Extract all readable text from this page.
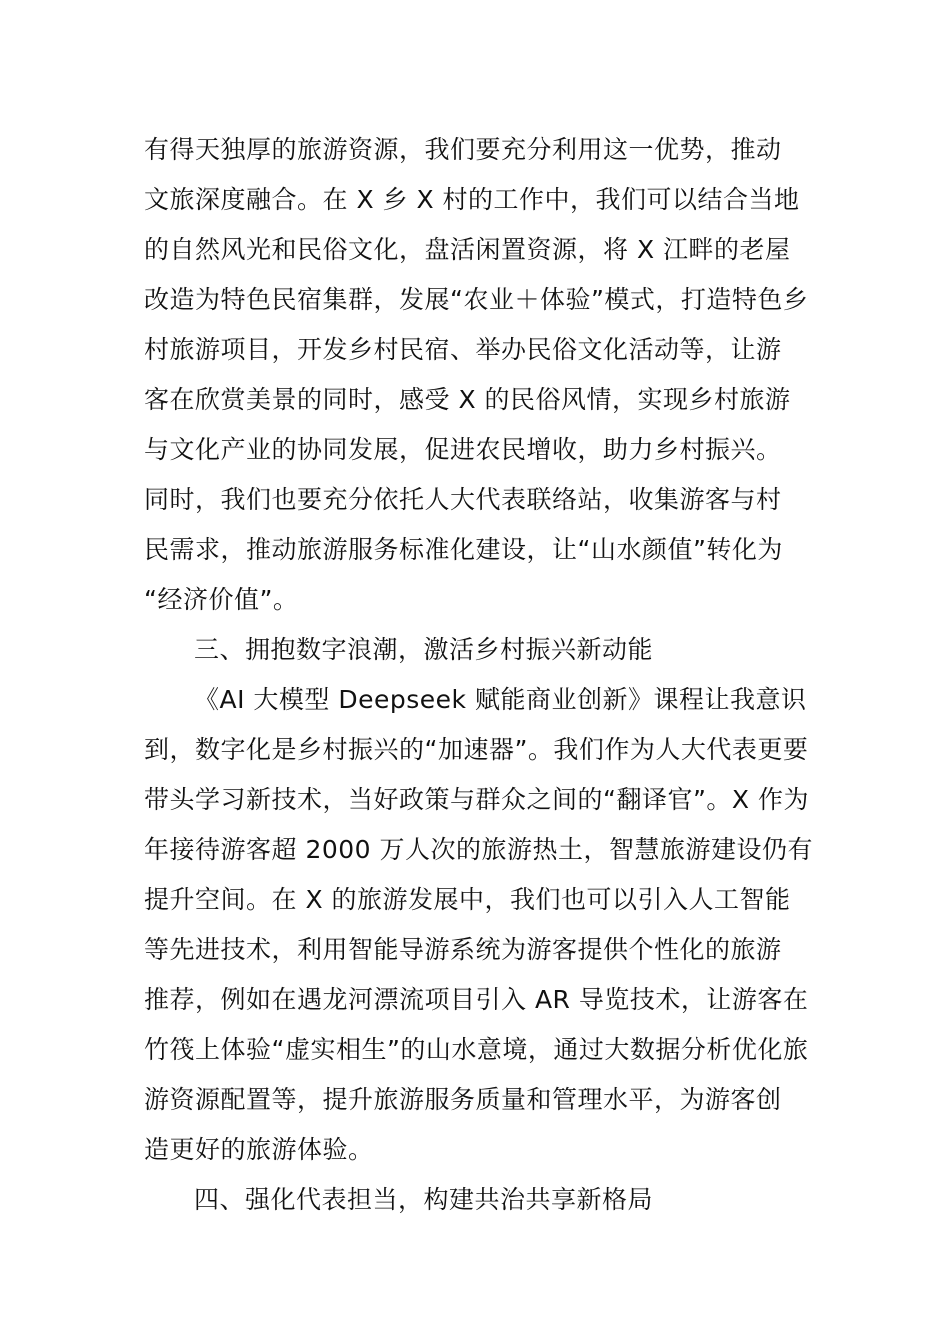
有得天独厚的旅游资源，我们要充分利用这一优势，推动
文旅深度融合。在 X 乡 X 村的工作中，我们可以结合当地
的自然风光和民俗文化，盘活闲置资源，将 X 江畔的老屋
改造为特色民宿集群，发展“农业＋体验”模式，打造特色乡
村旅游项目，开发乡村民宿、举办民俗文化活动等，让游
客在欣赏美景的同时，感受 X 的民俗风情，实现乡村旅游
与文化产业的协同发展，促进农民增收，助力乡村振兴。
同时，我们也要充分依托人大代表联络站，收集游客与村
民需求，推动旅游服务标准化建设，让“山水颜值”转化为
“经济价值”。
三、拥抱数字浪潮，激活乡村振兴新动能
《AI 大模型 Deepseek 赋能商业创新》课程让我意识
到，数字化是乡村振兴的“加速器”。我们作为人大代表更要
带头学习新技术，当好政策与群众之间的“翻译官”。X 作为
年接待游客超 2000 万人次的旅游热土，智慧旅游建设仍有
提升空间。在 X 的旅游发展中，我们也可以引入人工智能
等先进技术，利用智能导游系统为游客提供个性化的旅游
推荐，例如在遇龙河漂流项目引入 AR 导览技术，让游客在
竹筏上体验“虚实相生”的山水意境，通过大数据分析优化旅
游资源配置等，提升旅游服务质量和管理水平，为游客创
造更好的旅游体验。
四、强化代表担当，构建共治共享新格局
